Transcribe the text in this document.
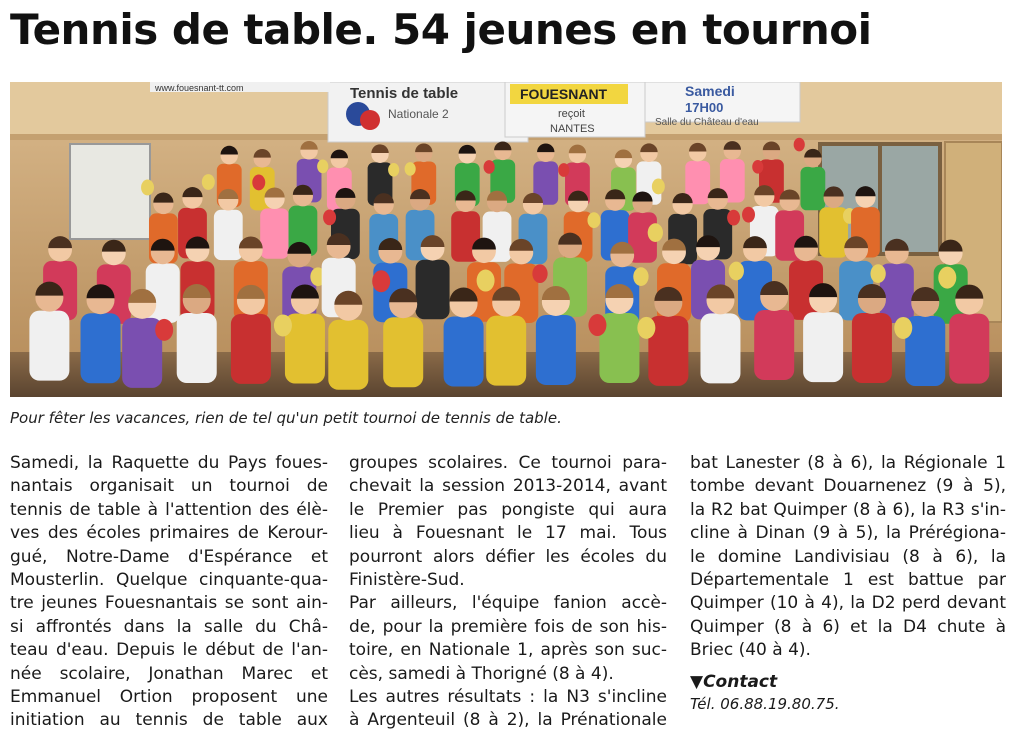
Tennis de table. 54 jeunes en tournoi
Tennis de table
Nationale 2
FOUESNANT
reçoit
NANTES
Samedi
17H00
Salle du Château d'eau
www.fouesnant-tt.com
Pour fêter les vacances, rien de tel qu'un petit tournoi de tennis de table.

Samedi, la Raquette du Pays foues-
nantais organisait un tournoi de
tennis de table à l'attention des élè-
ves des écoles primaires de Kerour-
gué, Notre-Dame d'Espérance et
Mousterlin. Quelque cinquante-qua-
tre jeunes Fouesnantais se sont ain-
si affrontés dans la salle du Châ-
teau d'eau. Depuis le début de l'an-
née scolaire, Jonathan Marec et
Emmanuel Ortion proposent une
initiation au tennis de table aux

groupes scolaires. Ce tournoi para-
chevait la session 2013-2014, avant
le Premier pas pongiste qui aura
lieu à Fouesnant le 17 mai. Tous
pourront alors défier les écoles du
Finistère-Sud.

Par ailleurs, l'équipe fanion accè-
de, pour la première fois de son his-
toire, en Nationale 1, après son suc-
cès, samedi à Thorigné (8 à 4).

Les autres résultats : la N3 s'incline
à Argenteuil (8 à 2), la Prénationale

bat Lanester (8 à 6), la Régionale 1
tombe devant Douarnenez (9 à 5),
la R2 bat Quimper (8 à 6), la R3 s'in-
cline à Dinan (9 à 5), la Prérégiona-
le domine Landivisiau (8 à 6), la
Départementale 1 est battue par
Quimper (10 à 4), la D2 perd devant
Quimper (8 à 6) et la D4 chute à
Briec (40 à 4).

▼Contact
Tél. 06.88.19.80.75.
